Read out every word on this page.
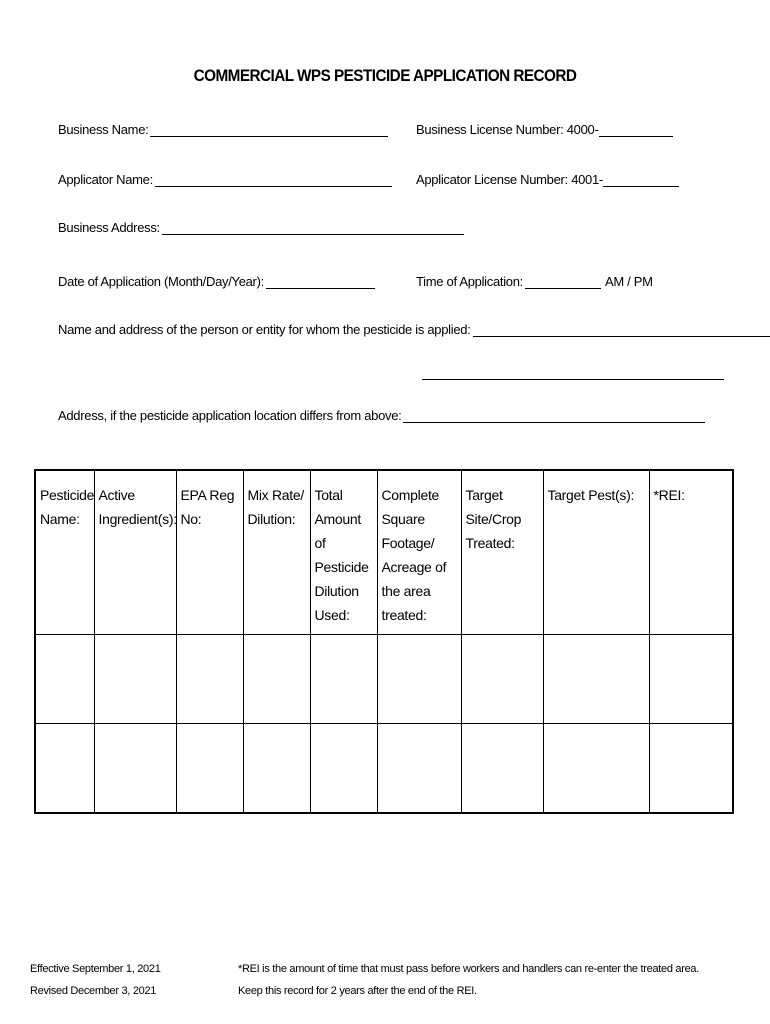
COMMERCIAL WPS PESTICIDE APPLICATION RECORD
Business Name:	Business License Number: 4000-
Applicator Name:	Applicator License Number: 4001-
Business Address:
Date of Application (Month/Day/Year):	Time of Application:	AM / PM
Name and address of the person or entity for whom the pesticide is applied:
Address, if the pesticide application location differs from above:
Pesticide Name:	Active Ingredient(s):	EPA Reg No:	Mix Rate/ Dilution:	Total Amount of Pesticide Dilution Used:	Complete Square Footage/ Acreage of the area treated:	Target Site/Crop Treated:	Target Pest(s):	*REI:

Effective September 1, 2021
Revised December 3, 2021
*REI is the amount of time that must pass before workers and handlers can re-enter the treated area.
Keep this record for 2 years after the end of the REI.
